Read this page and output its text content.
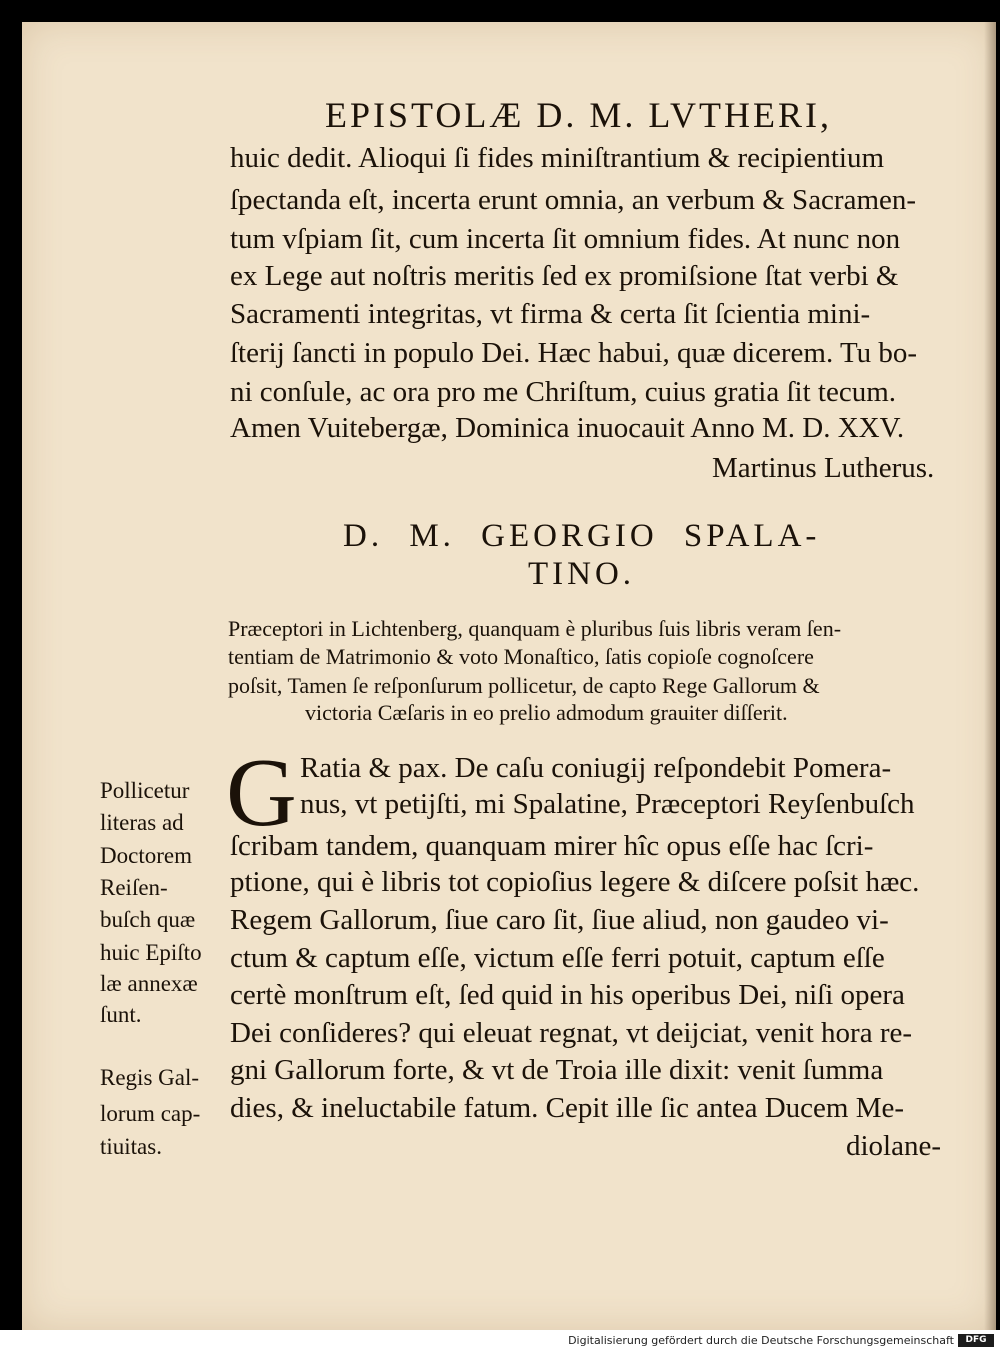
EPISTOLÆ D. M. LVTHERI,
huic dedit. Alioqui ſi fides miniſtrantium & recipientium
ſpectanda eſt, incerta erunt omnia, an verbum & Sacramen-
tum vſpiam ſit, cum incerta ſit omnium fides. At nunc non
ex Lege aut noſtris meritis ſed ex promiſsione ſtat verbi &
Sacramenti integritas, vt firma & certa ſit ſcientia mini-
ſterij ſancti in populo Dei. Hæc habui, quæ dicerem. Tu bo-
ni conſule, ac ora pro me Chriſtum, cuius gratia ſit tecum.
Amen Vuitebergæ, Dominica inuocauit Anno M. D. XXV.
Martinus Lutherus.
D. M. GEORGIO SPALA-
TINO.
Præceptori in Lichtenberg, quanquam è pluribus ſuis libris veram ſen-
tentiam de Matrimonio & voto Monaſtico, ſatis copioſe cognoſcere
poſsit, Tamen ſe reſponſurum pollicetur, de capto Rege Gallorum &
victoria Cæſaris in eo prelio admodum grauiter diſſerit.
G Ratia & pax. De caſu coniugij reſpondebit Pomera-
nus, vt petijſti, mi Spalatine, Præceptori Reyſenbuſch
ſcribam tandem, quanquam mirer hîc opus eſſe hac ſcri-
ptione, qui è libris tot copioſius legere & diſcere poſsit hæc.
Regem Gallorum, ſiue caro ſit, ſiue aliud, non gaudeo vi-
ctum & captum eſſe, victum eſſe ferri potuit, captum eſſe
certè monſtrum eſt, ſed quid in his operibus Dei, niſi opera
Dei conſideres? qui eleuat regnat, vt deijciat, venit hora re-
gni Gallorum forte, & vt de Troia ille dixit: venit ſumma
dies, & ineluctabile fatum. Cepit ille ſic antea Ducem Me-
diolane-
Pollicetur
literas ad
Doctorem
Reiſen-
buſch quæ
huic Epiſto
læ annexæ
ſunt.
Regis Gal-
lorum cap-
tiuitas.
Digitalisierung gefördert durch die Deutsche Forschungsgemeinschaft	DFG
